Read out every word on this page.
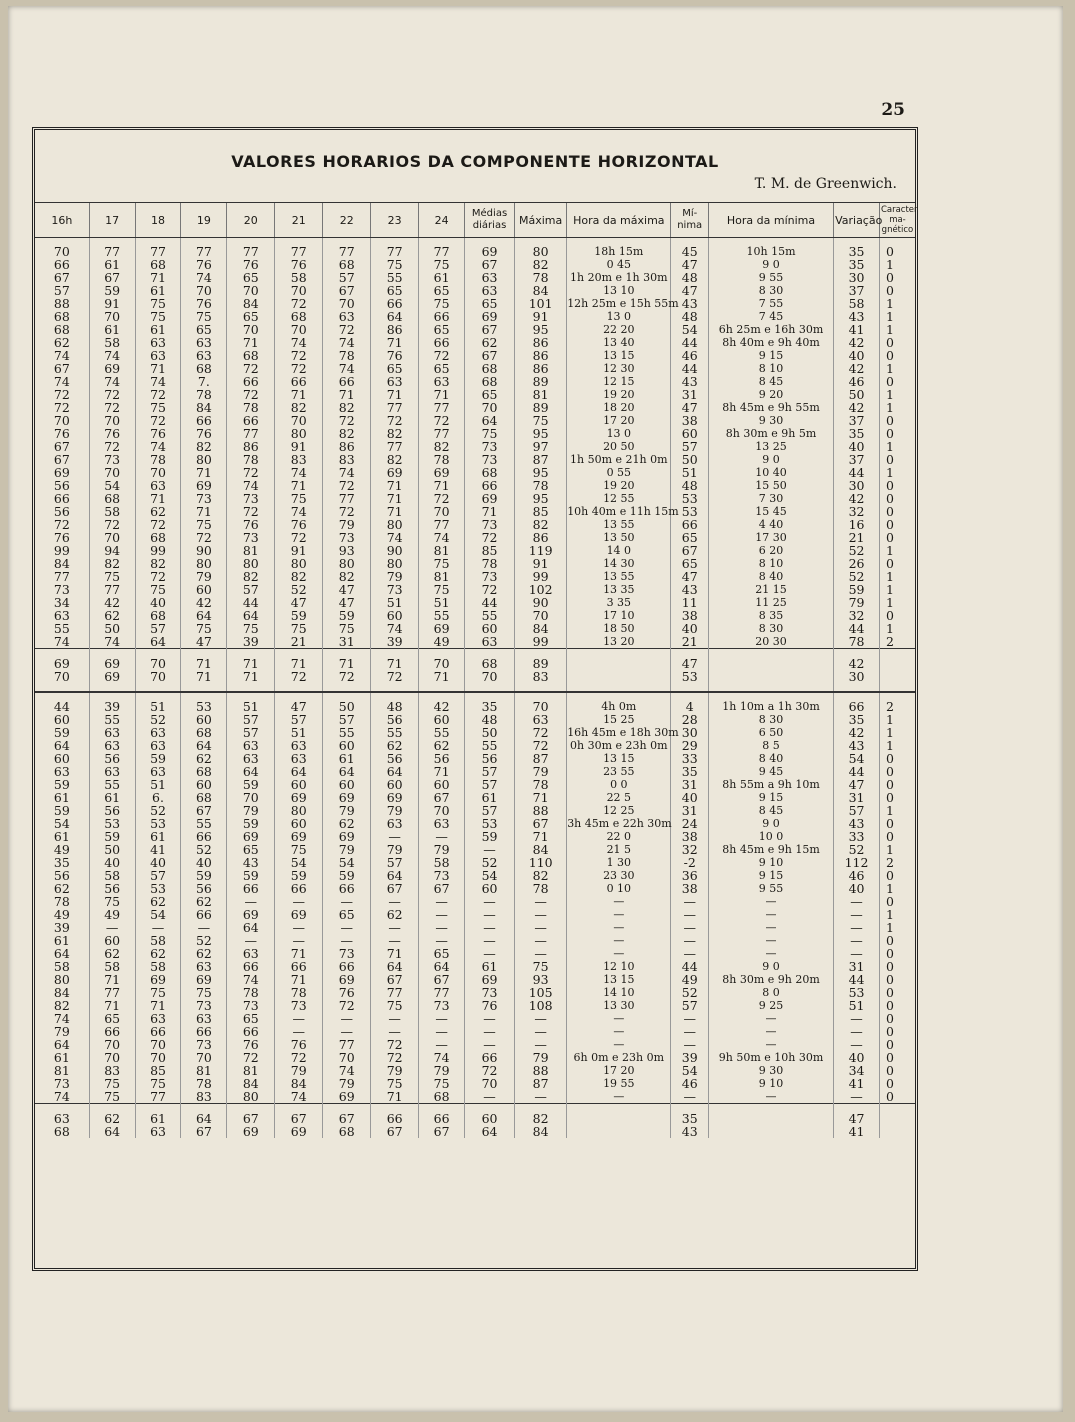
25
VALORES HORARIOS DA COMPONENTE HORIZONTAL
T. M. de Greenwich.
16h	17	18	19	20	21	22	23	24	Médias diárias	Máxima	Hora da máxima	Mí-nima	Hora da mínima	Variação	Caracter ma-gnético

70	77	77	77	77	77	77	77	77	69	80	18h 15m	45	10h 15m	35	0
66	61	68	76	76	76	68	75	75	67	82	0 45	47	9 0	35	1
67	67	71	74	65	58	57	55	61	63	78	1h 20m e 1h 30m	48	9 55	30	0
57	59	61	70	70	70	67	65	65	63	84	13 10	47	8 30	37	0
88	91	75	76	84	72	70	66	75	65	101	12h 25m e 15h 55m	43	7 55	58	1
68	70	75	75	65	68	63	64	66	69	91	13 0	48	7 45	43	1
68	61	61	65	70	70	72	86	65	67	95	22 20	54	6h 25m e 16h 30m	41	1
62	58	63	63	71	74	74	71	66	62	86	13 40	44	8h 40m e 9h 40m	42	0
74	74	63	63	68	72	78	76	72	67	86	13 15	46	9 15	40	0
67	69	71	68	72	72	74	65	65	68	86	12 30	44	8 10	42	1
74	74	74	7.	66	66	66	63	63	68	89	12 15	43	8 45	46	0
72	72	72	78	72	71	71	71	71	65	81	19 20	31	9 20	50	1
72	72	75	84	78	82	82	77	77	70	89	18 20	47	8h 45m e 9h 55m	42	1
70	70	72	66	66	70	72	72	72	64	75	17 20	38	9 30	37	0
76	76	76	76	77	80	82	82	77	75	95	13 0	60	8h 30m e 9h 5m	35	0
67	72	74	82	86	91	86	77	82	73	97	20 50	57	13 25	40	1
67	73	78	80	78	83	83	82	78	73	87	1h 50m e 21h 0m	50	9 0	37	0
69	70	70	71	72	74	74	69	69	68	95	0 55	51	10 40	44	1
56	54	63	69	74	71	72	71	71	66	78	19 20	48	15 50	30	0
66	68	71	73	73	75	77	71	72	69	95	12 55	53	7 30	42	0
56	58	62	71	72	74	72	71	70	71	85	10h 40m e 11h 15m	53	15 45	32	0
72	72	72	75	76	76	79	80	77	73	82	13 55	66	4 40	16	0
76	70	68	72	73	72	73	74	74	72	86	13 50	65	17 30	21	0
99	94	99	90	81	91	93	90	81	85	119	14 0	67	6 20	52	1
84	82	82	80	80	80	80	80	75	78	91	14 30	65	8 10	26	0
77	75	72	79	82	82	82	79	81	73	99	13 55	47	8 40	52	1
73	77	75	60	57	52	47	73	75	72	102	13 35	43	21 15	59	1
34	42	40	42	44	47	47	51	51	44	90	3 35	11	11 25	79	1
63	62	68	64	64	59	59	60	55	55	70	17 10	38	8 35	32	0
55	50	57	75	75	75	75	74	69	60	84	18 50	40	8 30	44	1
74	74	64	47	39	21	31	39	49	63	99	13 20	21	20 30	78	2

69	69	70	71	71	71	71	71	70	68	89		47		42	
70	69	70	71	71	72	72	72	71	70	83		53		30	

44	39	51	53	51	47	50	48	42	35	70	4h 0m	4	1h 10m a 1h 30m	66	2
60	55	52	60	57	57	57	56	60	48	63	15 25	28	8 30	35	1
59	63	63	68	57	51	55	55	55	50	72	16h 45m e 18h 30m	30	6 50	42	1
64	63	63	64	63	63	60	62	62	55	72	0h 30m e 23h 0m	29	8 5	43	1
60	56	59	62	63	63	61	56	56	56	87	13 15	33	8 40	54	0
63	63	63	68	64	64	64	64	71	57	79	23 55	35	9 45	44	0
59	55	51	60	59	60	60	60	60	57	78	0 0	31	8h 55m a 9h 10m	47	0
61	61	6.	68	70	69	69	69	67	61	71	22 5	40	9 15	31	0
59	56	52	67	79	80	79	79	70	57	88	12 25	31	8 45	57	1
54	53	53	55	59	60	62	63	63	53	67	3h 45m e 22h 30m	24	9 0	43	0
61	59	61	66	69	69	69	—	—	59	71	22 0	38	10 0	33	0
49	50	41	52	65	75	79	79	79	—	84	21 5	32	8h 45m e 9h 15m	52	1
35	40	40	40	43	54	54	57	58	52	110	1 30	-2	9 10	112	2
56	58	57	59	59	59	59	64	73	54	82	23 30	36	9 15	46	0
62	56	53	56	66	66	66	67	67	60	78	0 10	38	9 55	40	1
78	75	62	62	—	—	—	—	—	—	—	—	—	—	—	0
49	49	54	66	69	69	65	62	—	—	—	—	—	—	—	1
39	—	—	—	64	—	—	—	—	—	—	—	—	—	—	1
61	60	58	52	—	—	—	—	—	—	—	—	—	—	—	0
64	62	62	62	63	71	73	71	65	—	—	—	—	—	—	0
58	58	58	63	66	66	66	64	64	61	75	12 10	44	9 0	31	0
80	71	69	69	74	71	69	67	67	69	93	13 15	49	8h 30m e 9h 20m	44	0
84	77	75	75	78	78	76	77	77	73	105	14 10	52	8 0	53	0
82	71	71	73	73	73	72	75	73	76	108	13 30	57	9 25	51	0
74	65	63	63	65	—	—	—	—	—	—	—	—	—	—	0
79	66	66	66	66	—	—	—	—	—	—	—	—	—	—	0
64	70	70	73	76	76	77	72	—	—	—	—	—	—	—	0
61	70	70	70	72	72	70	72	74	66	79	6h 0m e 23h 0m	39	9h 50m e 10h 30m	40	0
81	83	85	81	81	79	74	79	79	72	88	17 20	54	9 30	34	0
73	75	75	78	84	84	79	75	75	70	87	19 55	46	9 10	41	0
74	75	77	83	80	74	69	71	68	—	—	—	—	—	—	0

63	62	61	64	67	67	67	66	66	60	82		35		47	
68	64	63	67	69	69	68	67	67	64	84		43		41	
